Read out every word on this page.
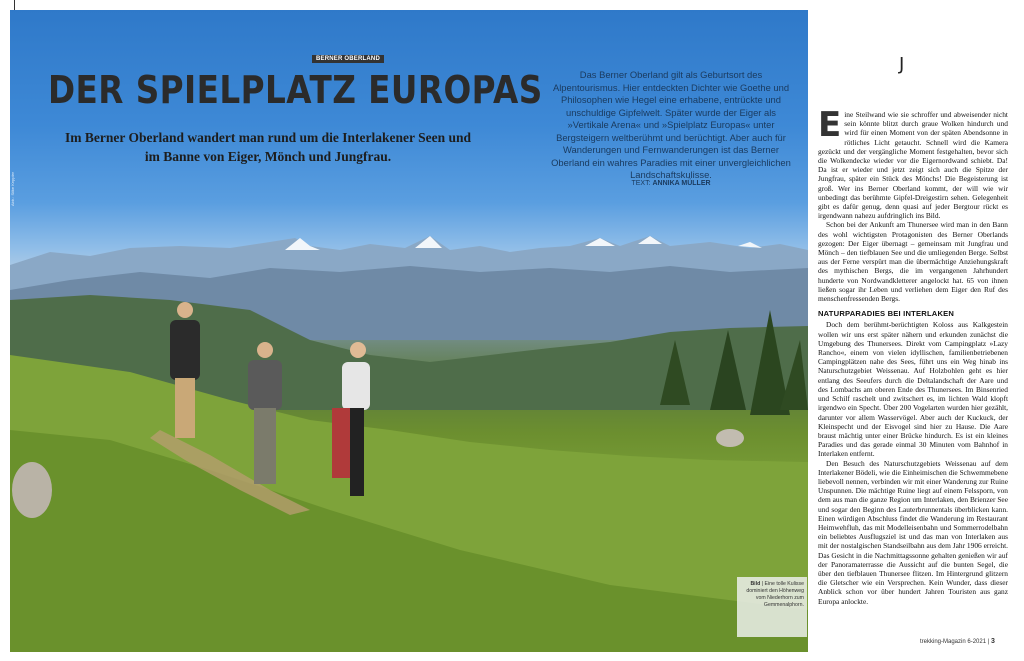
Abb.: Silke Keppler
Bild | Eine tolle Kulisse dominiert den Höhenweg vom Niederhorn zum Gemmenalphorn.
BERNER OBERLAND
DER SPIELPLATZ EUROPAS
Im Berner Oberland wandert man rund um die Interlakener Seen und im Banne von Eiger, Mönch und Jungfrau.
Das Berner Oberland gilt als Geburtsort des Alpentourismus. Hier entdeckten Dichter wie Goethe und Philosophen wie Hegel eine erhabene, entrückte und unschuldige Gipfelwelt. Später wurde der Eiger als »Vertikale Arena« und »Spielplatz Europas« unter Bergsteigern weltberühmt und berüchtigt. Aber auch für Wanderungen und Fernwanderungen ist das Berner Oberland ein wahres Paradies mit einer unvergleichlichen Landschaftskulisse.
TEXT: ANNIKA MÜLLER
J

Eine Steilwand wie sie schroffer und abweisender nicht sein könnte blitzt durch graue Wolken hindurch und wird für einen Moment von der späten Abendsonne in rötliches Licht getaucht. Schnell wird die Kamera gezückt und der vergängliche Moment festgehalten, bevor sich die Wolkendecke wieder vor die Eigernordwand schiebt. Da! Da ist er wieder und jetzt zeigt sich auch die Spitze der Jungfrau, später ein Stück des Mönchs! Die Begeisterung ist groß. Wer ins Berner Oberland kommt, der will wie wir unbedingt das berühmte Gipfel-Dreigestirn sehen. Gelegenheit gibt es dafür genug, denn quasi auf jeder Bergtour rückt es irgendwann nahezu aufdringlich ins Bild.

Schon bei der Ankunft am Thunersee wird man in den Bann des wohl wichtigsten Protagonisten des Berner Oberlands gezogen: Der Eiger übernagt – gemeinsam mit Jungfrau und Mönch – den tiefblauen See und die umliegenden Berge. Selbst aus der Ferne verspürt man die übermächtige Anziehungskraft des mythischen Bergs, die im vergangenen Jahrhundert hunderte von Nordwandkletterer angelockt hat. 65 von ihnen ließen sogar ihr Leben und verliehen dem Eiger den Ruf des menschenfressenden Bergs.

NATURPARADIES BEI INTERLAKEN

Doch dem berühmt-berüchtigten Koloss aus Kalkgestein wollen wir uns erst später nähern und erkunden zunächst die Umgebung des Thunersees. Direkt vom Campingplatz »Lazy Rancho«, einem von vielen idyllischen, familienbetriebenen Campingplätzen nahe des Sees, führt uns ein Weg hinab ins Naturschutzgebiet Weissenau. Auf Holzbohlen geht es hier entlang des Seeufers durch die Deltalandschaft der Aare und des Lombachs am oberen Ende des Thunersees. Im Binsenried und Schilf raschelt und zwitschert es, im lichten Wald klopft irgendwo ein Specht. Über 200 Vogelarten wurden hier gezählt, darunter vor allem Wasservögel. Aber auch der Kuckuck, der Kleinspecht und der Eisvogel sind hier zu Hause. Die Aare braust mächtig unter einer Brücke hindurch. Es ist ein kleines Paradies und das gerade einmal 30 Minuten vom Bahnhof in Interlaken entfernt.

Den Besuch des Naturschutzgebiets Weissenau auf dem Interlakener Bödeli, wie die Einheimischen die Schwemmebene liebevoll nennen, verbinden wir mit einer Wanderung zur Ruine Unspunnen. Die mächtige Ruine liegt auf einem Felssporn, von dem aus man die ganze Region um Interlaken, den Brienzer See und sogar den Beginn des Lauterbrunnentals überblicken kann. Einen würdigen Abschluss findet die Wanderung im Restaurant Heimwehfluh, das mit Modelleisenbahn und Sommerrodelbahn ein beliebtes Ausflugsziel ist und das man von Interlaken aus mit der nostalgischen Standseilbahn aus dem Jahr 1906 erreicht. Das Gesicht in die Nachmittagssonne gehalten genießen wir auf der Panoramaterrasse die Aussicht auf die bunten Segel, die über den tiefblauen Thunersee flitzen. Im Hintergrund glitzern die Gletscher wie ein Versprechen. Kein Wunder, dass dieser Anblick schon vor über hundert Jahren Touristen aus ganz Europa anlockte.

trekking-Magazin 6-2021 | 3
